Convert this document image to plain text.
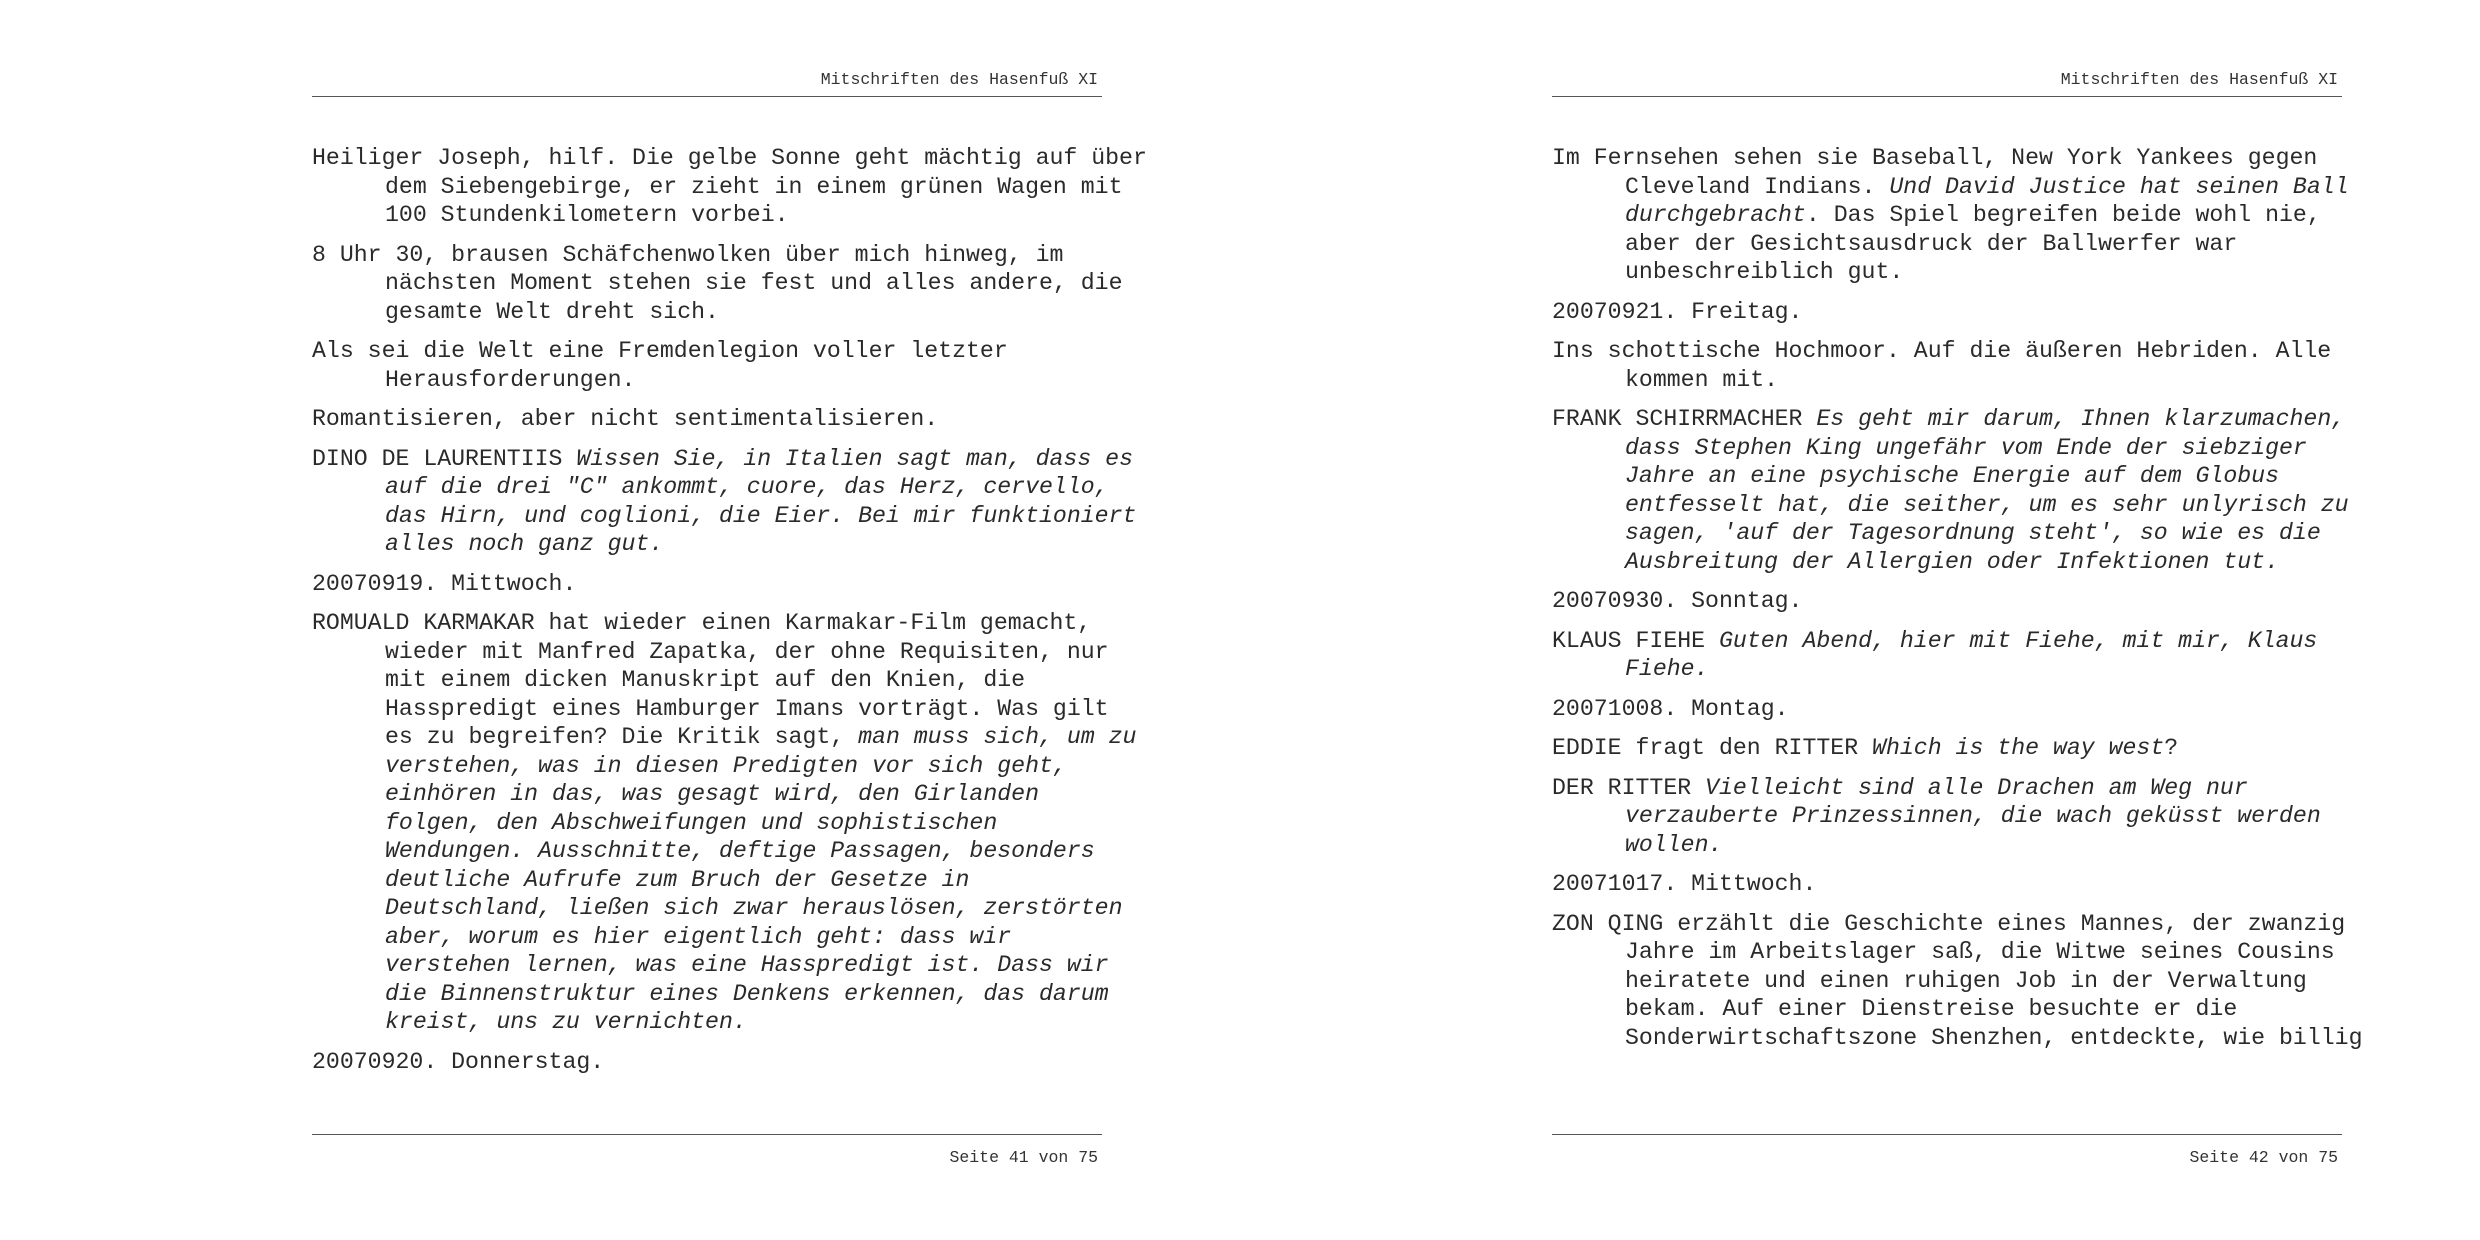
Mitschriften des Hasenfuß XI

Heiliger Joseph, hilf. Die gelbe Sonne geht mächtig auf über
dem Siebengebirge, er zieht in einem grünen Wagen mit
100 Stundenkilometern vorbei.

8 Uhr 30, brausen Schäfchenwolken über mich hinweg, im
nächsten Moment stehen sie fest und alles andere, die
gesamte Welt dreht sich.

Als sei die Welt eine Fremdenlegion voller letzter
Herausforderungen.

Romantisieren, aber nicht sentimentalisieren.

DINO DE LAURENTIIS Wissen Sie, in Italien sagt man, dass es
auf die drei "C" ankommt, cuore, das Herz, cervello,
das Hirn, und coglioni, die Eier. Bei mir funktioniert
alles noch ganz gut.

20070919. Mittwoch.

ROMUALD KARMAKAR hat wieder einen Karmakar-Film gemacht,
wieder mit Manfred Zapatka, der ohne Requisiten, nur
mit einem dicken Manuskript auf den Knien, die
Hasspredigt eines Hamburger Imans vorträgt. Was gilt
es zu begreifen? Die Kritik sagt, man muss sich, um zu
verstehen, was in diesen Predigten vor sich geht,
einhören in das, was gesagt wird, den Girlanden
folgen, den Abschweifungen und sophistischen
Wendungen. Ausschnitte, deftige Passagen, besonders
deutliche Aufrufe zum Bruch der Gesetze in
Deutschland, ließen sich zwar herauslösen, zerstörten
aber, worum es hier eigentlich geht: dass wir
verstehen lernen, was eine Hasspredigt ist. Dass wir
die Binnenstruktur eines Denkens erkennen, das darum
kreist, uns zu vernichten.

20070920. Donnerstag.

Seite 41 von 75
Mitschriften des Hasenfuß XI

Im Fernsehen sehen sie Baseball, New York Yankees gegen
Cleveland Indians. Und David Justice hat seinen Ball
durchgebracht. Das Spiel begreifen beide wohl nie,
aber der Gesichtsausdruck der Ballwerfer war
unbeschreiblich gut.

20070921. Freitag.

Ins schottische Hochmoor. Auf die äußeren Hebriden. Alle
kommen mit.

FRANK SCHIRRMACHER Es geht mir darum, Ihnen klarzumachen,
dass Stephen King ungefähr vom Ende der siebziger
Jahre an eine psychische Energie auf dem Globus
entfesselt hat, die seither, um es sehr unlyrisch zu
sagen, 'auf der Tagesordnung steht', so wie es die
Ausbreitung der Allergien oder Infektionen tut.

20070930. Sonntag.

KLAUS FIEHE Guten Abend, hier mit Fiehe, mit mir, Klaus
Fiehe.

20071008. Montag.

EDDIE fragt den RITTER Which is the way west?

DER RITTER Vielleicht sind alle Drachen am Weg nur
verzauberte Prinzessinnen, die wach geküsst werden
wollen.

20071017. Mittwoch.

ZON QING erzählt die Geschichte eines Mannes, der zwanzig
Jahre im Arbeitslager saß, die Witwe seines Cousins
heiratete und einen ruhigen Job in der Verwaltung
bekam. Auf einer Dienstreise besuchte er die
Sonderwirtschaftszone Shenzhen, entdeckte, wie billig

Seite 42 von 75
